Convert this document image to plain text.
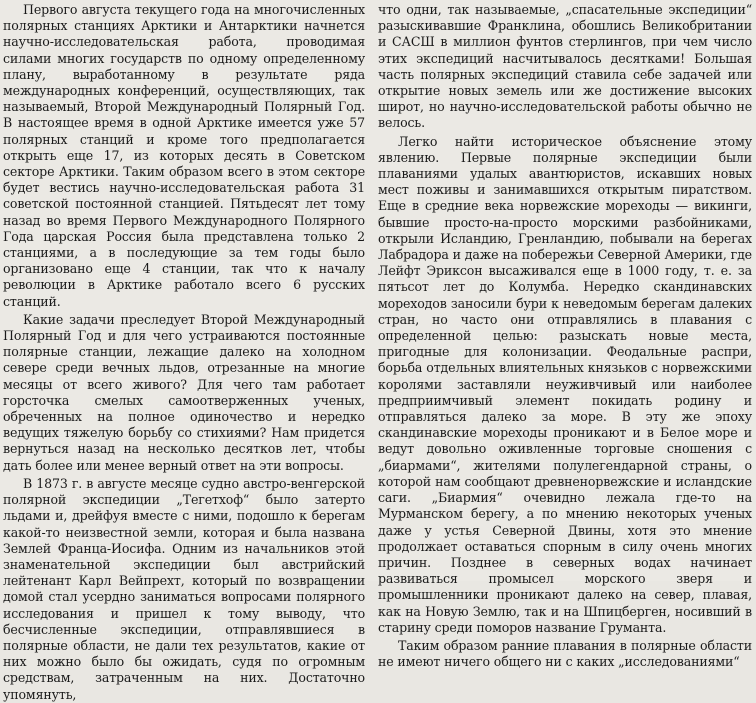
Первого августа текущего года на многочисленных полярных станциях Арктики и Антарктики начнется научно-исследовательская работа, проводимая силами многих государств по одному определенному плану, выработанному в результате ряда международных конференций, осуществляющих, так называемый, Второй Международный Полярный Год. В настоящее время в одной Арктике имеется уже 57 полярных станций и кроме того предполагается открыть еще 17, из которых десять в Советском секторе Арктики. Таким образом всего в этом секторе будет вестись научно-исследовательская работа 31 советской постоянной станцией. Пятьдесят лет тому назад во время Первого Международного Полярного Года царская Россия была представлена только 2 станциями, а в последующие за тем годы было организовано еще 4 станции, так что к началу революции в Арктике работало всего 6 русских станций.

Какие задачи преследует Второй Международный Полярный Год и для чего устраиваются постоянные полярные станции, лежащие далеко на холодном севере среди вечных льдов, отрезанные на многие месяцы от всего живого? Для чего там работает горсточка смелых самоотверженных ученых, обреченных на полное одиночество и нередко ведущих тяжелую борьбу со стихиями? Нам придется вернуться назад на несколько десятков лет, чтобы дать более или менее верный ответ на эти вопросы.

В 1873 г. в августе месяце судно австро-венгерской полярной экспедиции „Тегетхоф“ было затерто льдами и, дрейфуя вместе с ними, подошло к берегам какой-то неизвестной земли, которая и была названа Землей Франца-Иосифа. Одним из начальников этой знаменательной экспедиции был австрийский лейтенант Карл Вейпрехт, который по возвращении домой стал усердно заниматься вопросами полярного исследования и пришел к тому выводу, что бесчисленные экспедиции, отправлявшиеся в полярные области, не дали тех результатов, какие от них можно было бы ожидать, судя по огромным средствам, затраченным на них. Достаточно упомянуть,

что одни, так называемые, „спасательные экспедиции“ разыскивавшие Франклина, обошлись Великобритании и САСШ в миллион фунтов стерлингов, при чем число этих экспедиций насчитывалось десятками! Большая часть полярных экспедиций ставила себе задачей или открытие новых земель или же достижение высоких широт, но научно-исследовательской работы обычно не велось.

Легко найти историческое объяснение этому явлению. Первые полярные экспедиции были плаваниями удалых авантюристов, искавших новых мест поживы и занимавшихся открытым пиратством. Еще в средние века норвежские мореходы — викинги, бывшие просто-на-просто морскими разбойниками, открыли Исландию, Гренландию, побывали на берегах Лабрадора и даже на побережьи Северной Америки, где Лейфт Эриксон высаживался еще в 1000 году, т. е. за пятьсот лет до Колумба. Нередко скандинавских мореходов заносили бури к неведомым берегам далеких стран, но часто они отправлялись в плавания с определенной целью: разыскать новые места, пригодные для колонизации. Феодальные распри, борьба отдельных влиятельных князьков с норвежскими королями заставляли неуживчивый или наиболее предприимчивый элемент покидать родину и отправляться далеко за море. В эту же эпоху скандинавские мореходы проникают и в Белое море и ведут довольно оживленные торговые сношения с „биармами“, жителями полулегендарной страны, о которой нам сообщают древненорвежские и исландские саги. „Биармия“ очевидно лежала где-то на Мурманском берегу, а по мнению некоторых ученых даже у устья Северной Двины, хотя это мнение продолжает оставаться спорным в силу очень многих причин. Позднее в северных водах начинает развиваться промысел морского зверя и промышленники проникают далеко на север, плавая, как на Новую Землю, так и на Шпицберген, носивший в старину среди поморов название Груманта.

Таким образом ранние плавания в полярные области не имеют ничего общего ни с каких „исследованиями“
